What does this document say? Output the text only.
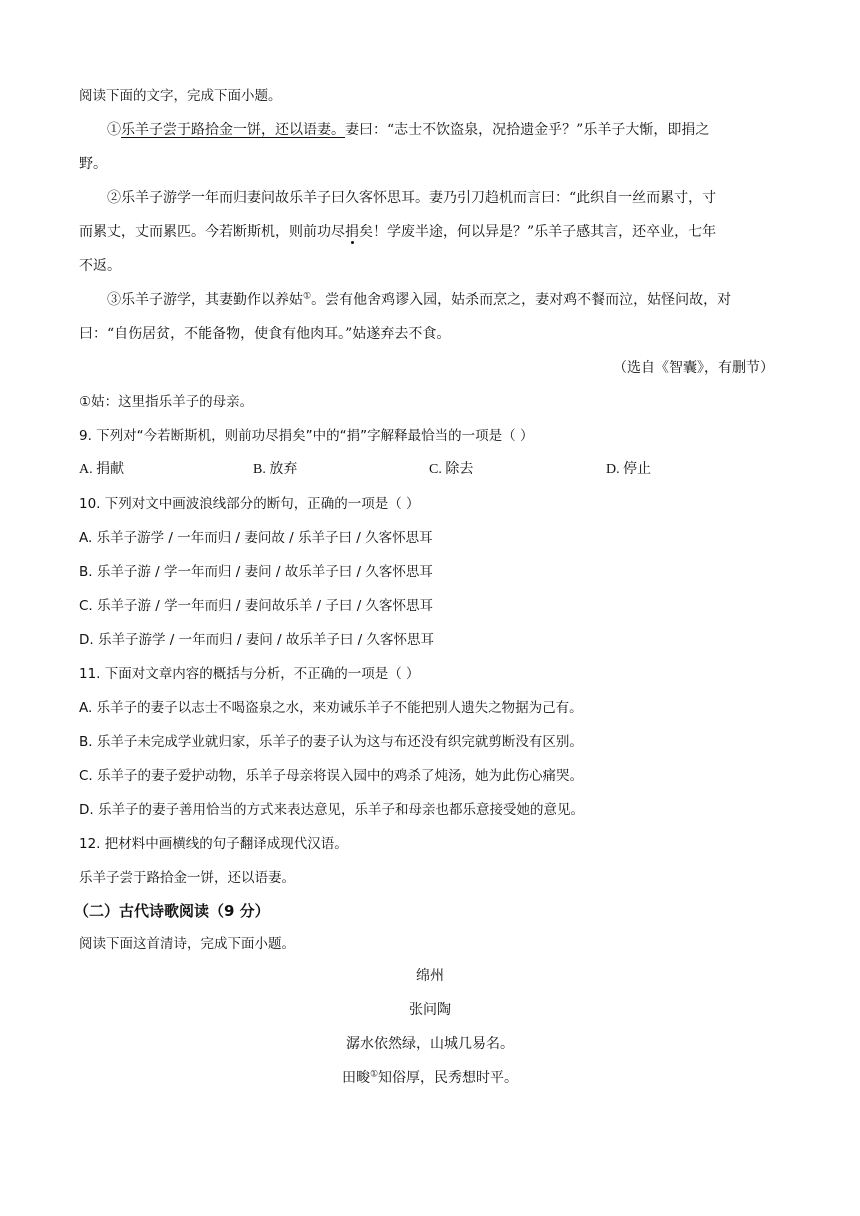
阅读下面的文字，完成下面小题。
①乐羊子尝于路拾金一饼，还以语妻。妻曰：“志士不饮盗泉，况拾遗金乎？”乐羊子大惭，即捐之
野。
②乐羊子游学一年而归妻问故乐羊子曰久客怀思耳。妻乃引刀趋机而言曰：“此织自一丝而累寸，寸
而累丈，丈而累匹。今若断斯机，则前功尽捐矣！学废半途，何以异是？”乐羊子感其言，还卒业，七年
不返。
③乐羊子游学，其妻勤作以养姑①。尝有他舍鸡谬入园，姑杀而烹之，妻对鸡不餐而泣，姑怪问故，对
曰：“自伤居贫，不能备物，使食有他肉耳。”姑遂弃去不食。
（选自《智囊》，有删节）
①姑：这里指乐羊子的母亲。
9. 下列对“今若断斯机，则前功尽捐矣”中的“捐”字解释最恰当的一项是（ ）
A. 捐献	B. 放弃	C. 除去	D. 停止
10. 下列对文中画波浪线部分的断句，正确的一项是（ ）
A. 乐羊子游学 / 一年而归 / 妻问故 / 乐羊子曰 / 久客怀思耳
B. 乐羊子游 / 学一年而归 / 妻问 / 故乐羊子曰 / 久客怀思耳
C. 乐羊子游 / 学一年而归 / 妻问故乐羊 / 子曰 / 久客怀思耳
D. 乐羊子游学 / 一年而归 / 妻问 / 故乐羊子曰 / 久客怀思耳
11. 下面对文章内容的概括与分析，不正确的一项是（ ）
A. 乐羊子的妻子以志士不喝盗泉之水，来劝诫乐羊子不能把别人遗失之物据为己有。
B. 乐羊子未完成学业就归家，乐羊子的妻子认为这与布还没有织完就剪断没有区别。
C. 乐羊子的妻子爱护动物，乐羊子母亲将误入园中的鸡杀了炖汤，她为此伤心痛哭。
D. 乐羊子的妻子善用恰当的方式来表达意见，乐羊子和母亲也都乐意接受她的意见。
12. 把材料中画横线的句子翻译成现代汉语。
乐羊子尝于路拾金一饼，还以语妻。
（二）古代诗歌阅读（9 分）
阅读下面这首清诗，完成下面小题。
绵州
张问陶
潺水依然绿，山城几易名。
田畯①知俗厚，民秀想时平。
